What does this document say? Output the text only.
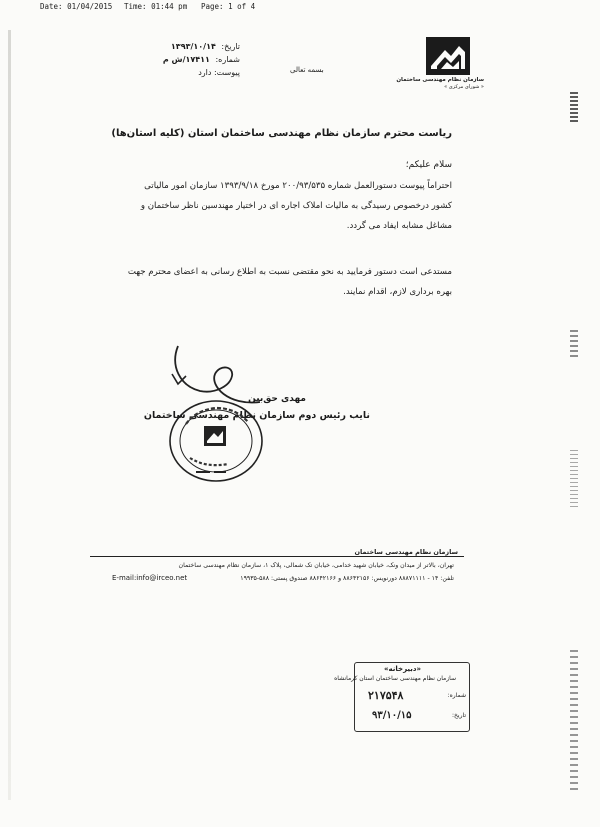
Date: 01/04/2015 Time: 01:44 pm Page: 1 of 4
سازمان نظام مهندسی ساختمان
« شورای مرکزی »
بسمه تعالی
تاریخ: ۱۳۹۳/۱۰/۱۴
شماره: ۱۷۴۱۱/ش م
پیوست: دارد
ریاست محترم سازمان نظام مهندسی ساختمان استان (کلیه استان‌ها)
سلام علیکم؛
احتراماً پیوست دستورالعمل شماره ۲۰۰/۹۳/۵۳۵ مورخ ۱۳۹۳/۹/۱۸ سازمان امور مالیاتی کشور درخصوص رسیدگی به مالیات املاک اجاره ای در اختیار مهندسین ناظر ساختمان و مشاغل مشابه ایفاد می گردد.
مستدعی است دستور فرمایید به نحو مقتضی نسبت به اطلاع رسانی به اعضای محترم جهت بهره برداری لازم، اقدام نمایند.
مهدی حق‌بین
نایب رئیس دوم سازمان نظام مهندسی ساختمان
سازمان نظام مهندسی ساختمان
تهران، بالاتر از میدان ونک، خیابان شهید خدامی، خیابان تک شمالی، پلاک ۱، سازمان نظام مهندسی ساختمان
E-mail:info@irceo.net	تلفن: ۱۴ - ۸۸۸۷۱۱۱۱ دورنویس: ۸۸۶۴۲۱۵۶ و ۸۸۶۴۲۱۶۶ صندوق پستی: ۵۸۸-۱۹۹۳۵
«دبیرخانه»
سازمان نظام مهندسی ساختمان استان کرمانشاه
۲۱۷۵۴۸	شماره:
۹۳/۱۰/۱۵	تاریخ:
